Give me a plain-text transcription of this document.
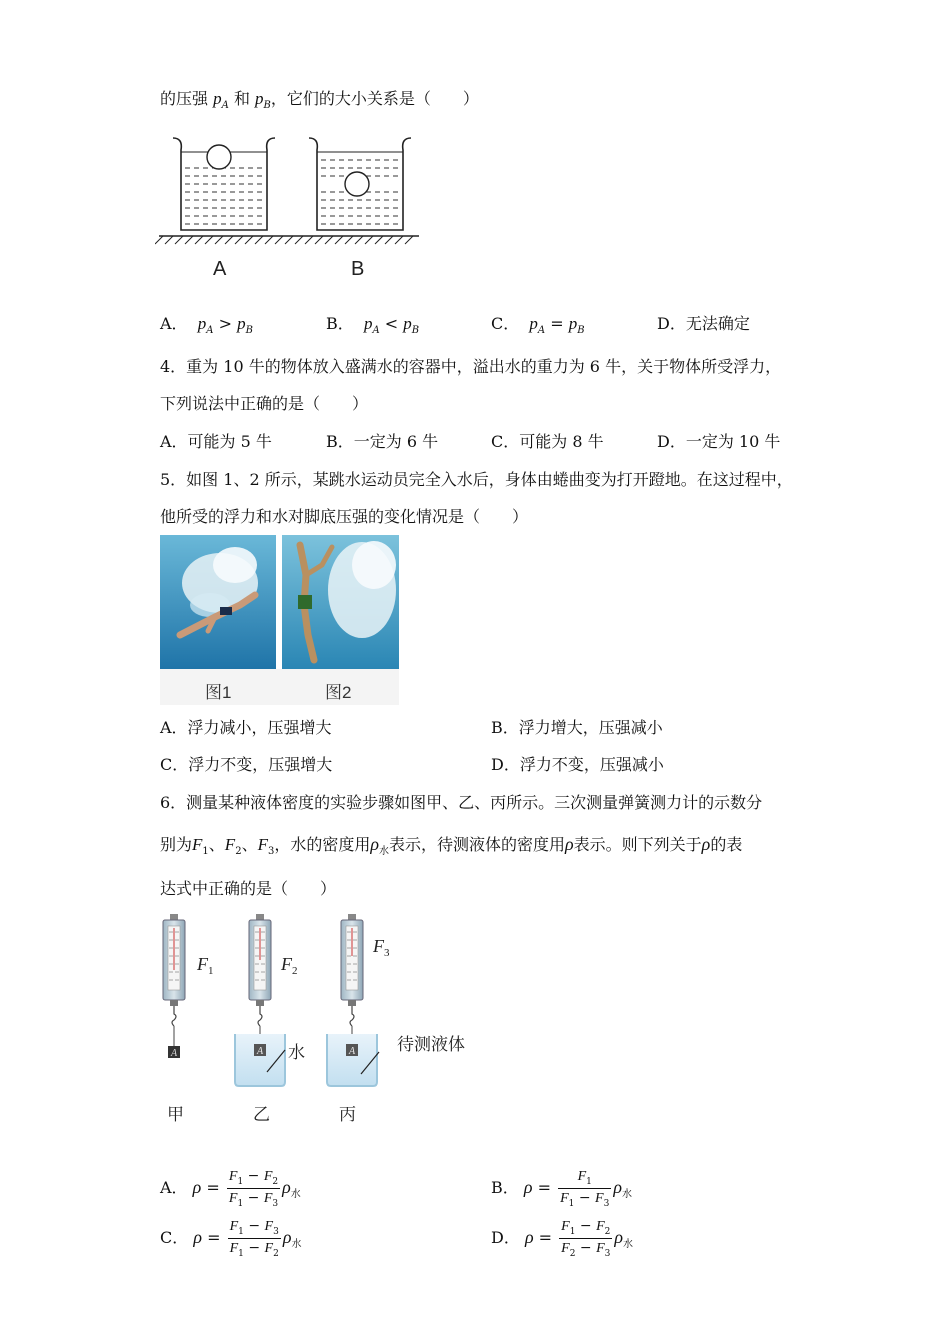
的压强 $p_A$ 和 $p_B$，它们的大小关系是（　　）
A	B
A． $p_A > p_B$	B． $p_A < p_B$	C． $p_A = p_B$	D．无法确定
4．重为 10 牛的物体放入盛满水的容器中，溢出水的重力为 6 牛，关于物体所受浮力，
下列说法中正确的是（　　）
A．可能为 5 牛	B．一定为 6 牛	C．可能为 8 牛	D．一定为 10 牛
5．如图 1、2 所示，某跳水运动员完全入水后，身体由蜷曲变为打开蹬地。在这过程中，
他所受的浮力和水对脚底压强的变化情况是（　　）
图1	图2
A．浮力减小，压强增大	B．浮力增大，压强减小
C．浮力不变，压强增大	D．浮力不变，压强减小
6．测量某种液体密度的实验步骤如图甲、乙、丙所示。三次测量弹簧测力计的示数分
别为$F_1$、$F_2$、$F_3$，水的密度用$\rho_水$表示，待测液体的密度用ρ表示。则下列关于ρ的表
达式中正确的是（　　）
A
F 1
A
F 2
水	A
F 3
待测液体
甲	乙	丙
A． $\rho = \frac{F_1 - F_2}{F_1 - F_3} \rho_水$	B． $\rho = \frac{F_1}{F_1 - F_3} \rho_水$
C． $\rho = \frac{F_1 - F_3}{F_1 - F_2} \rho_水$	D． $\rho = \frac{F_1 - F_2}{F_2 - F_3} \rho_水$
